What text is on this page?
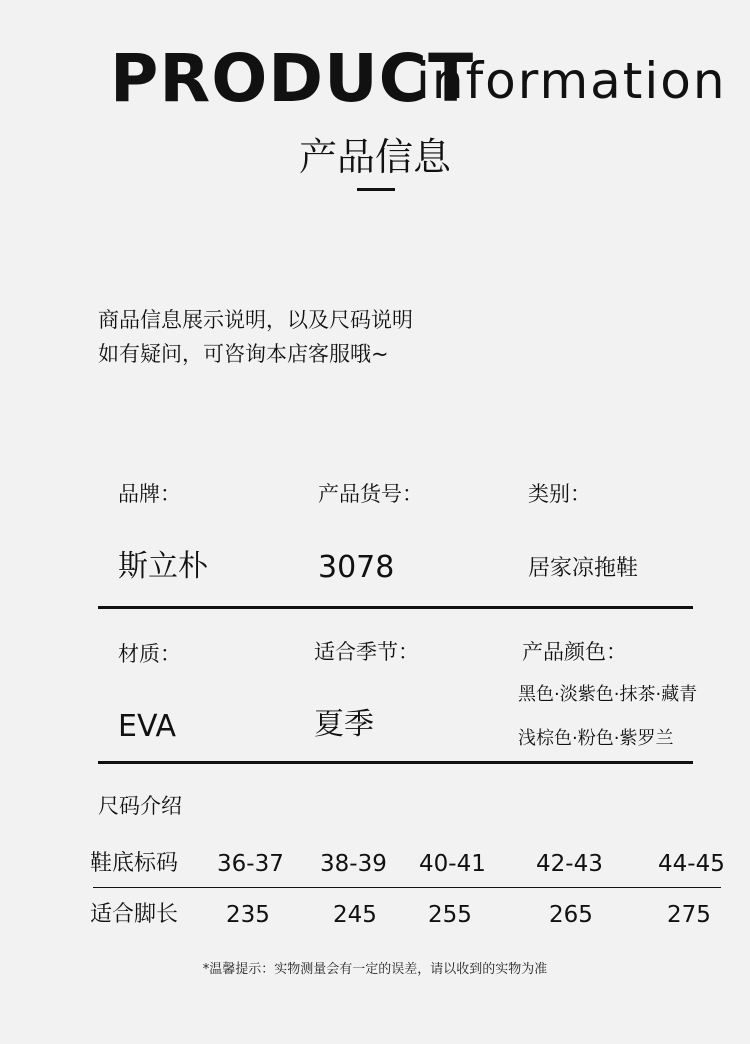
PRODUCT
information
产品信息
商品信息展示说明，以及尺码说明
如有疑问，可咨询本店客服哦~
品牌：	产品货号：	类别：
斯立朴	3078	居家凉拖鞋
材质：	适合季节：	产品颜色：
EVA	夏季
黑色·淡紫色·抹茶·藏青
浅棕色·粉色·紫罗兰
尺码介绍
鞋底标码 36-37 38-39 40-41 42-43 44-45
适合脚长 235	245 255	265	275
*温馨提示：实物测量会有一定的误差，请以收到的实物为准
